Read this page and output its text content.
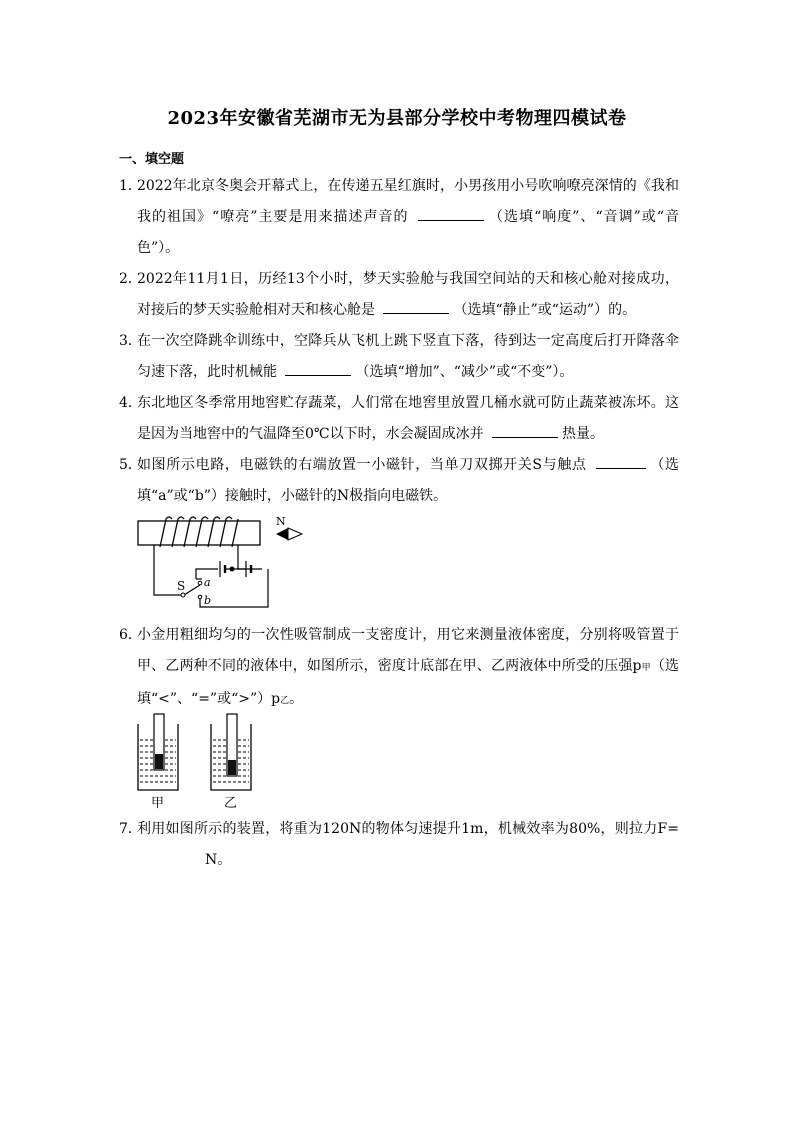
2023年安徽省芜湖市无为县部分学校中考物理四模试卷
一、填空题
1．
2022年北京冬奥会开幕式上，在传递五星红旗时，小男孩用小号吹响嘹亮深情的《我和我的祖国》“嘹亮”主要是用来描述声音的	（选填“响度”、“音调”或“音色”）。
2．
2022年11月1日，历经13个小时，梦天实验舱与我国空间站的天和核心舱对接成功，对接后的梦天实验舱相对天和核心舱是	（选填“静止”或“运动”）的。
3．
在一次空降跳伞训练中，空降兵从飞机上跳下竖直下落，待到达一定高度后打开降落伞匀速下落，此时机械能	（选填“增加”、“减少”或“不变”）。
4．
东北地区冬季常用地窖贮存蔬菜，人们常在地窖里放置几桶水就可防止蔬菜被冻坏。这是因为当地窖中的气温降至0℃以下时，水会凝固成冰并	热量。
5．
如图所示电路，电磁铁的右端放置一小磁针，当单刀双掷开关S与触点	（选填“a”或“b”）接触时，小磁针的N极指向电磁铁。
S a
b
N
6．
小金用粗细均匀的一次性吸管制成一支密度计，用它来测量液体密度，分别将吸管置于甲、乙两种不同的液体中，如图所示，密度计底部在甲、乙两液体中所受的压强p甲（选填“<”、“=”或“>”）p乙。
甲	乙
7．
利用如图所示的装置，将重为120N的物体匀速提升1m，机械效率为80%，则拉力F= N。
